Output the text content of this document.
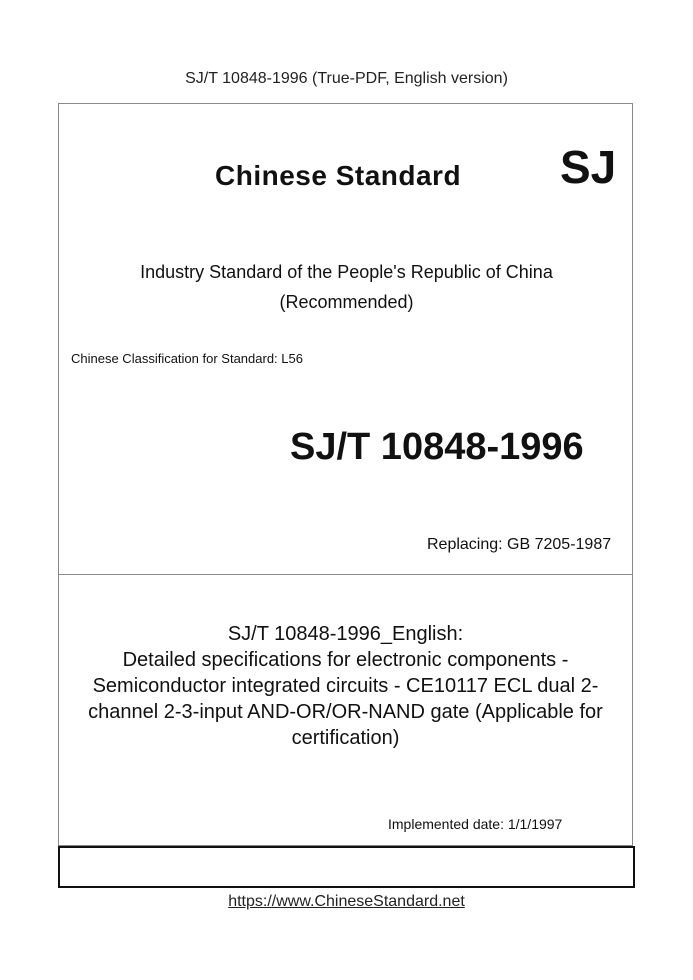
SJ/T 10848-1996 (True-PDF, English version)
Chinese Standard SJ
Industry Standard of the People's Republic of China
(Recommended)
Chinese Classification for Standard: L56
SJ/T 10848-1996
Replacing: GB 7205-1987
SJ/T 10848-1996_English:
Detailed specifications for electronic components -
Semiconductor integrated circuits - CE10117 ECL dual 2-
channel 2-3-input AND-OR/OR-NAND gate (Applicable for
certification)
Implemented date: 1/1/1997
https://www.ChineseStandard.net
